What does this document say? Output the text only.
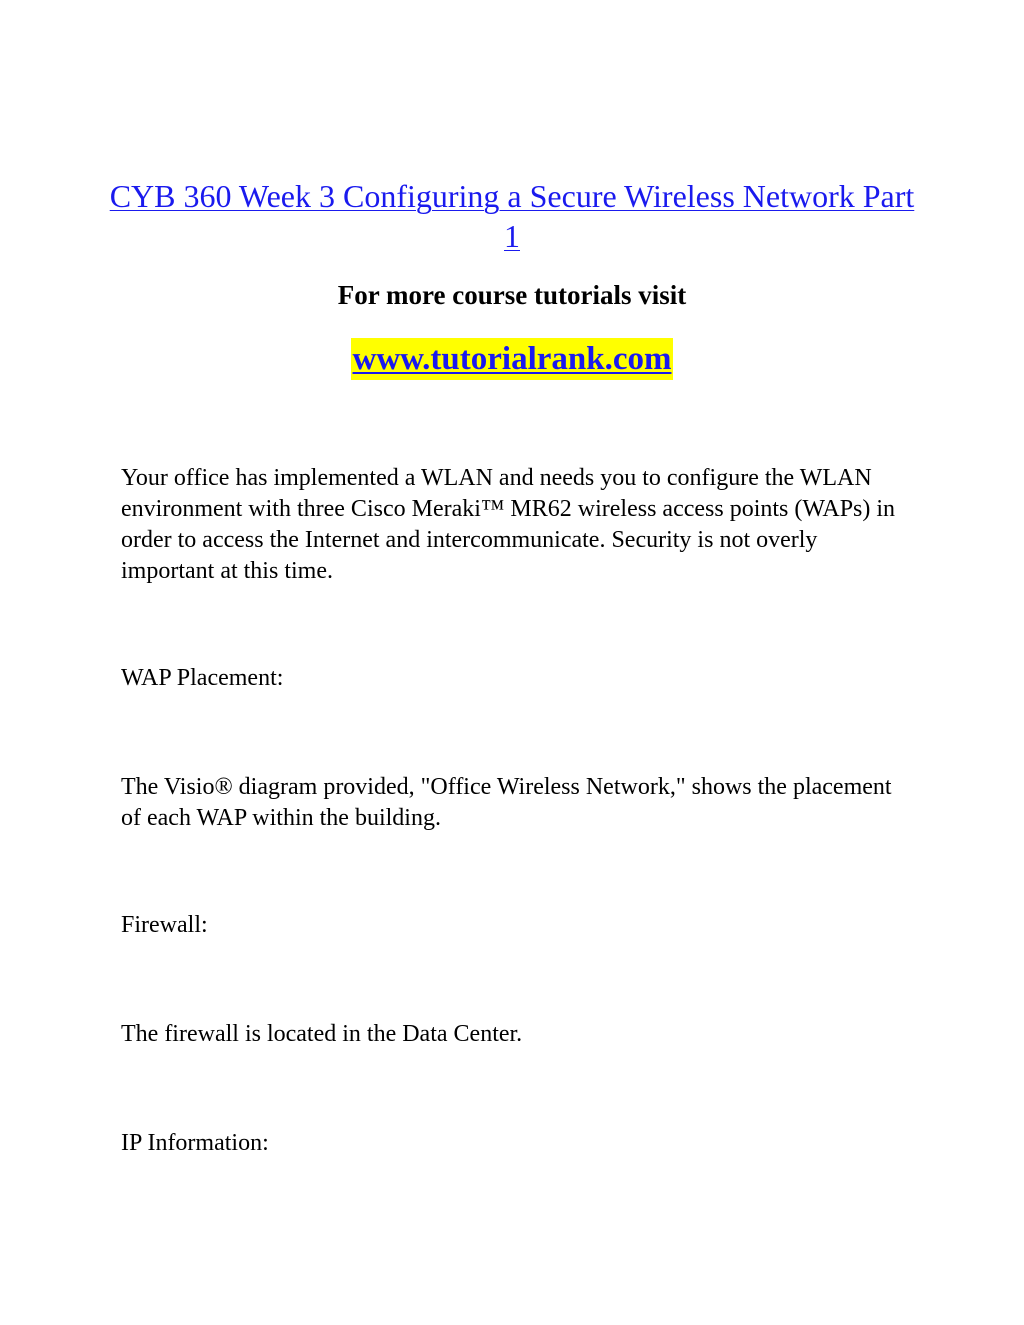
CYB 360 Week 3 Configuring a Secure Wireless Network Part 1

For more course tutorials visit

www.tutorialrank.com

Your office has implemented a WLAN and needs you to configure the WLAN environment with three Cisco Meraki™ MR62 wireless access points (WAPs) in order to access the Internet and intercommunicate. Security is not overly important at this time.

WAP Placement:

The Visio® diagram provided, "Office Wireless Network," shows the placement of each WAP within the building.

Firewall:

The firewall is located in the Data Center.

IP Information:
